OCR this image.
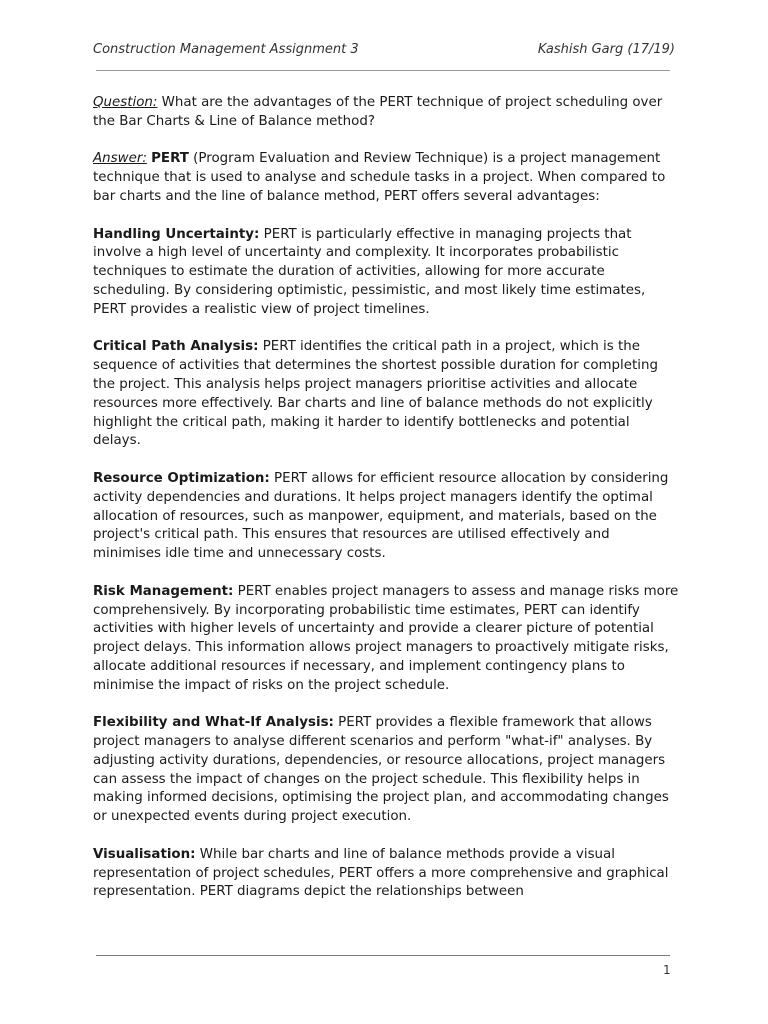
Construction Management Assignment 3	Kashish Garg (17/19)

Question: What are the advantages of the PERT technique of project scheduling over the Bar Charts & Line of Balance method?

Answer: PERT (Program Evaluation and Review Technique) is a project management technique that is used to analyse and schedule tasks in a project. When compared to bar charts and the line of balance method, PERT offers several advantages:

Handling Uncertainty: PERT is particularly effective in managing projects that involve a high level of uncertainty and complexity. It incorporates probabilistic techniques to estimate the duration of activities, allowing for more accurate scheduling. By considering optimistic, pessimistic, and most likely time estimates, PERT provides a realistic view of project timelines.

Critical Path Analysis: PERT identifies the critical path in a project, which is the sequence of activities that determines the shortest possible duration for completing the project. This analysis helps project managers prioritise activities and allocate resources more effectively. Bar charts and line of balance methods do not explicitly highlight the critical path, making it harder to identify bottlenecks and potential delays.

Resource Optimization: PERT allows for efficient resource allocation by considering activity dependencies and durations. It helps project managers identify the optimal allocation of resources, such as manpower, equipment, and materials, based on the project's critical path. This ensures that resources are utilised effectively and minimises idle time and unnecessary costs.

Risk Management: PERT enables project managers to assess and manage risks more comprehensively. By incorporating probabilistic time estimates, PERT can identify activities with higher levels of uncertainty and provide a clearer picture of potential project delays. This information allows project managers to proactively mitigate risks, allocate additional resources if necessary, and implement contingency plans to minimise the impact of risks on the project schedule.

Flexibility and What-If Analysis: PERT provides a flexible framework that allows project managers to analyse different scenarios and perform "what-if" analyses. By adjusting activity durations, dependencies, or resource allocations, project managers can assess the impact of changes on the project schedule. This flexibility helps in making informed decisions, optimising the project plan, and accommodating changes or unexpected events during project execution.

Visualisation: While bar charts and line of balance methods provide a visual representation of project schedules, PERT offers a more comprehensive and graphical representation. PERT diagrams depict the relationships between

1
